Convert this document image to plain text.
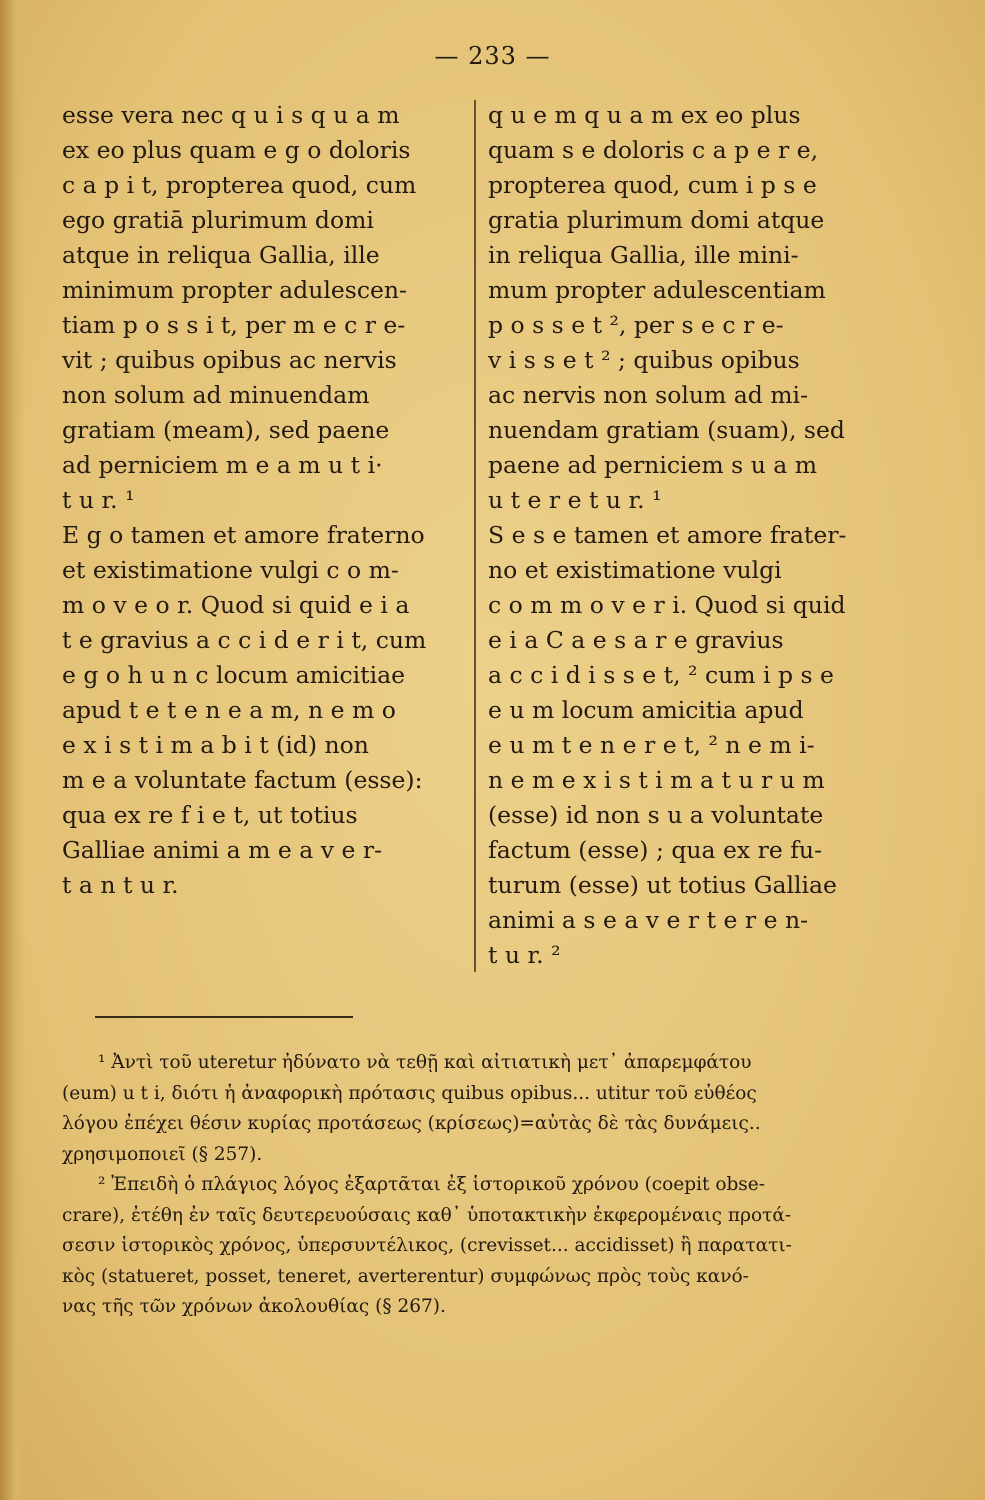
— 233 —
esse vera nec q u i s q u a m
ex eo plus quam e g o doloris
c a p i t, propterea quod, cum
ego gratiā plurimum domi
atque in reliqua Gallia, ille
minimum propter adulescen-
tiam p o s s i t, per m e c r e-
vit ; quibus opibus ac nervis
non solum ad minuendam
gratiam (meam), sed paene
ad perniciem m e a m u t i·
t u r. ¹
E g o tamen et amore fraterno
et existimatione vulgi c o m-
m o v e o r. Quod si quid e i a
t e gravius a c c i d e r i t, cum
e g o h u n c locum amicitiae
apud t e t e n e a m, n e m o
e x i s t i m a b i t (id) non
m e a voluntate factum (esse):
qua ex re f i e t, ut totius
Galliae animi a m e a v e r-
t a n t u r.
q u e m q u a m ex eo plus
quam s e doloris c a p e r e,
propterea quod, cum i p s e
gratia plurimum domi atque
in reliqua Gallia, ille mini-
mum propter adulescentiam
p o s s e t ², per s e c r e-
v i s s e t ² ; quibus opibus
ac nervis non solum ad mi-
nuendam gratiam (suam), sed
paene ad perniciem s u a m
u t e r e t u r. ¹
S e s e tamen et amore frater-
no et existimatione vulgi
c o m m o v e r i. Quod si quid
e i a C a e s a r e gravius
a c c i d i s s e t, ² cum i p s e
e u m locum amicitia apud
e u m t e n e r e t, ² n e m i-
n e m e x i s t i m a t u r u m
(esse) id non s u a voluntate
factum (esse) ; qua ex re fu-
turum (esse) ut totius Galliae
animi a s e a v e r t e r e n-
t u r. ²
¹ Ἀντὶ τοῦ uteretur ἠδύνατο νὰ τεθῇ καὶ αἰτιατικὴ μετ᾽ ἀπαρεμφάτου
(eum) u t i, διότι ἡ ἀναφορικὴ πρότασις quibus opibus... utitur τοῦ εὐθέος
λόγου ἐπέχει θέσιν κυρίας προτάσεως (κρίσεως)=αὐτὰς δὲ τὰς δυνάμεις..
χρησιμοποιεῖ (§ 257).
² Ἐπειδὴ ὁ πλάγιος λόγος ἐξαρτᾶται ἐξ ἱστορικοῦ χρόνου (coepit obse-
crare), ἐτέθη ἐν ταῖς δευτερευούσαις καθ᾽ ὑποτακτικὴν ἐκφερομέναις προτά-
σεσιν ἱστορικὸς χρόνος, ὑπερσυντέλικος, (crevisset... accidisset) ἢ παρατατι-
κὸς (statueret, posset, teneret, averterentur) συμφώνως πρὸς τοὺς κανό-
νας τῆς τῶν χρόνων ἀκολουθίας (§ 267).
